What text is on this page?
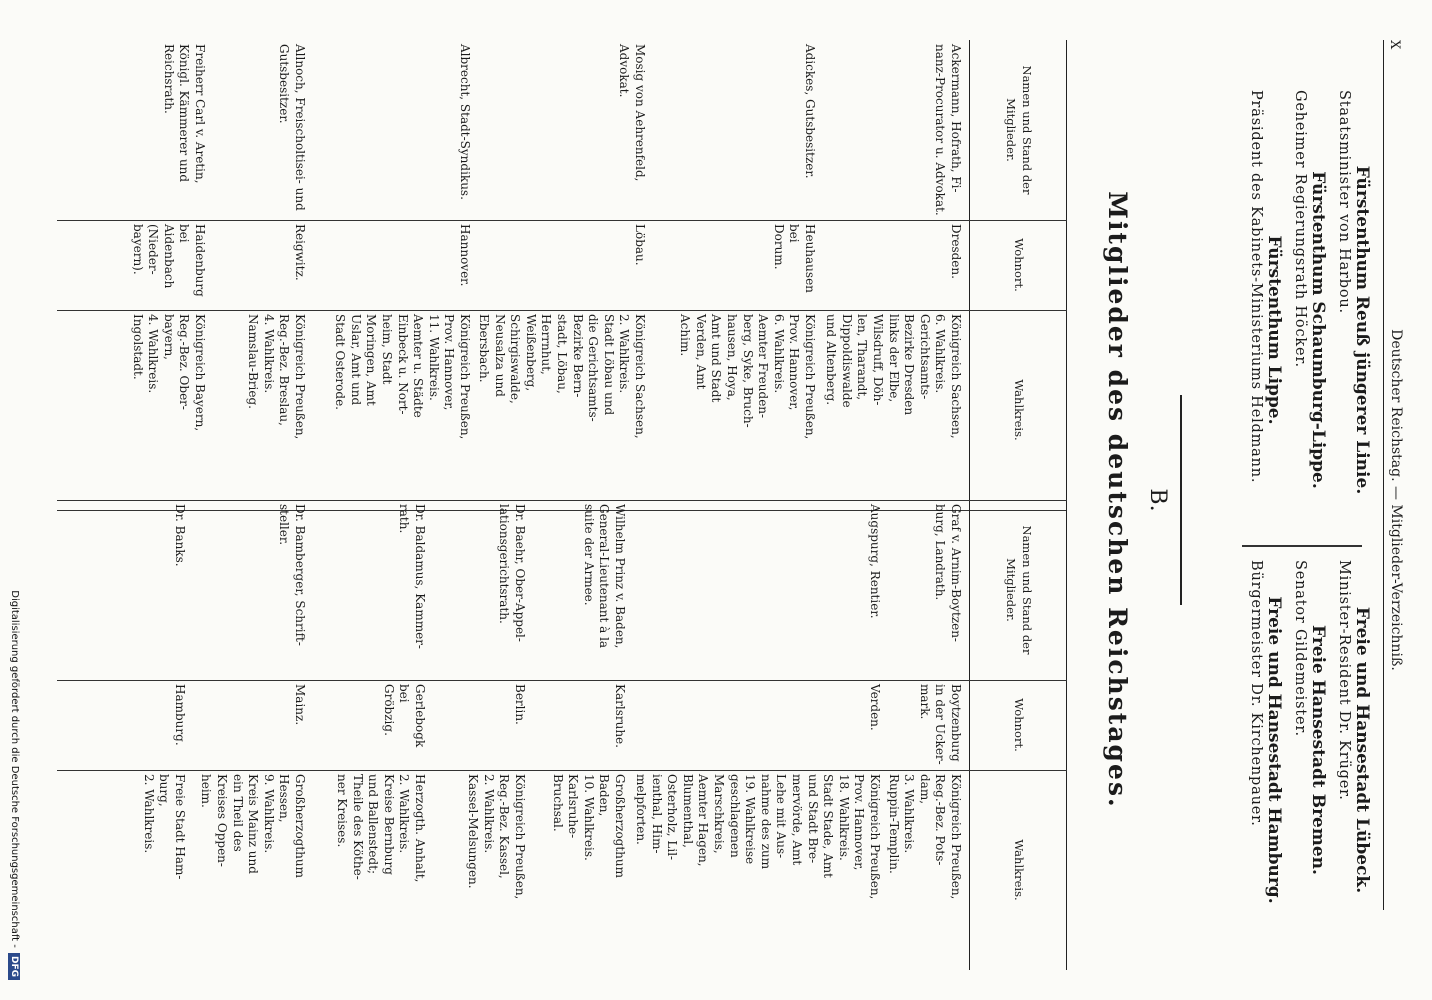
X
Deutscher Reichstag. — Mitglieder-Verzeichniß.
Fürstenthum Reuß jüngerer Linie.
Staatsminister von Harbou.
Fürstenthum Schaumburg-Lippe.
Geheimer Regierungsrath Höcker.
Fürstenthum Lippe.
Präsident des Kabinets-Ministeriums Heldmann.
Freie und Hansestadt Lübeck.
Minister-Resident Dr. Krüger.
Freie Hansestadt Bremen.
Senator Gildemeister.
Freie und Hansestadt Hamburg.
Bürgermeister Dr. Kirchenpauer.
B.
Mitglieder des deutschen Reichstages.
Namen und Stand der Mitglieder.
Wohnort.
Wahlkreis.
Ackermann, Hofrath, Fi-
nanz-Procurator u. Advokat.
Dresden.
Königreich Sachsen,
6. Wahlkreis.
Gerichtsamts-
Bezirke Dresden
links der Elbe,
Wilsdruff, Döh-
len, Tharandt,
Dippoldiswalde
und Altenberg.
Adickes, Gutsbesitzer.
Heuhausen bei
Dorum.
Königreich Preußen,
Prov. Hannover,
6. Wahlkreis.
Aemter Freuden-
berg, Syke, Bruch-
hausen, Hoya,
Amt und Stadt
Verden, Amt
Achim.
Mosig von Aehrenfeld,
Advokat.
Löbau.
Königreich Sachsen,
2. Wahlkreis.
Stadt Löbau und
die Gerichtsamts-
Bezirke Bern-
stadt, Löbau,
Herrnhut,
Weißenberg,
Schirgiswalde,
Neusalza und
Ebersbach.
Albrecht, Stadt-Syndikus.
Hannover.
Königreich Preußen,
Prov. Hannover,
11. Wahlkreis.
Aemter u. Städte
Einbeck u. Nort-
heim, Stadt
Moringen, Amt
Uslar, Amt und
Stadt Osterode.
Allnoch, Freischoltisei- und
Gutsbesitzer.
Reigwitz.
Königreich Preußen,
Reg.-Bez. Breslau,
4. Wahlkreis.
Namslau-Brieg.
Freiherr Carl v. Aretin,
Königl. Kämmerer und
Reichsrath.
Haidenburg
bei Aidenbach
(Nieder-
bayern).
Königreich Bayern,
Reg.-Bez. Ober-
bayern,
4. Wahlkreis.
Ingolstadt.
Namen und Stand der Mitglieder.
Wohnort.
Wahlkreis.
Graf v. Arnim-Boytzen-
burg, Landrath.
Boytzenburg
in der Ucker-
mark.
Königreich Preußen,
Reg.-Bez. Pots-
dam,
3. Wahlkreis.
Ruppin-Templin.
Augspurg, Rentier.
Verden.
Königreich Preußen,
Prov. Hannover,
18. Wahlkreis.
Stadt Stade, Amt
und Stadt Bre-
mervörde, Amt
Lehe mit Aus-
nahme des zum
19. Wahlkreise
geschlagenen
Marschkreis,
Aemter Hagen,
Blumenthal,
Osterholz, Lil-
ienthal, Him-
melpforten.
Wilhelm Prinz v. Baden,
General-Lieutenant à la
suite der Armee.
Karlsruhe.
Großherzogthum
Baden,
10. Wahlkreis.
Karlsruhe-
Bruchsal.
Dr. Baehr, Ober-Appel-
lationsgerichtsrath.
Berlin.
Königreich Preußen,
Reg.-Bez. Kassel,
2. Wahlkreis.
Kassel-Melsungen.
Dr. Baldamus, Kammer-
rath.
Gerlebogk bei
Gröbzig.
Herzogth. Anhalt,
2. Wahlkreis.
Kreise Bernburg
und Ballenstedt;
Theile des Köthe-
ner Kreises.
Dr. Bamberger, Schrift-
steller.
Mainz.
Großherzogthum
Hessen,
9. Wahlkreis.
Kreis Mainz und
ein Theil des
Kreises Oppen-
heim.
Dr. Banks.
Hamburg.
Freie Stadt Ham-
burg,
2. Wahlkreis.
Digitalisierung gefördert durch die Deutsche Forschungsgemeinschaft - DFG
